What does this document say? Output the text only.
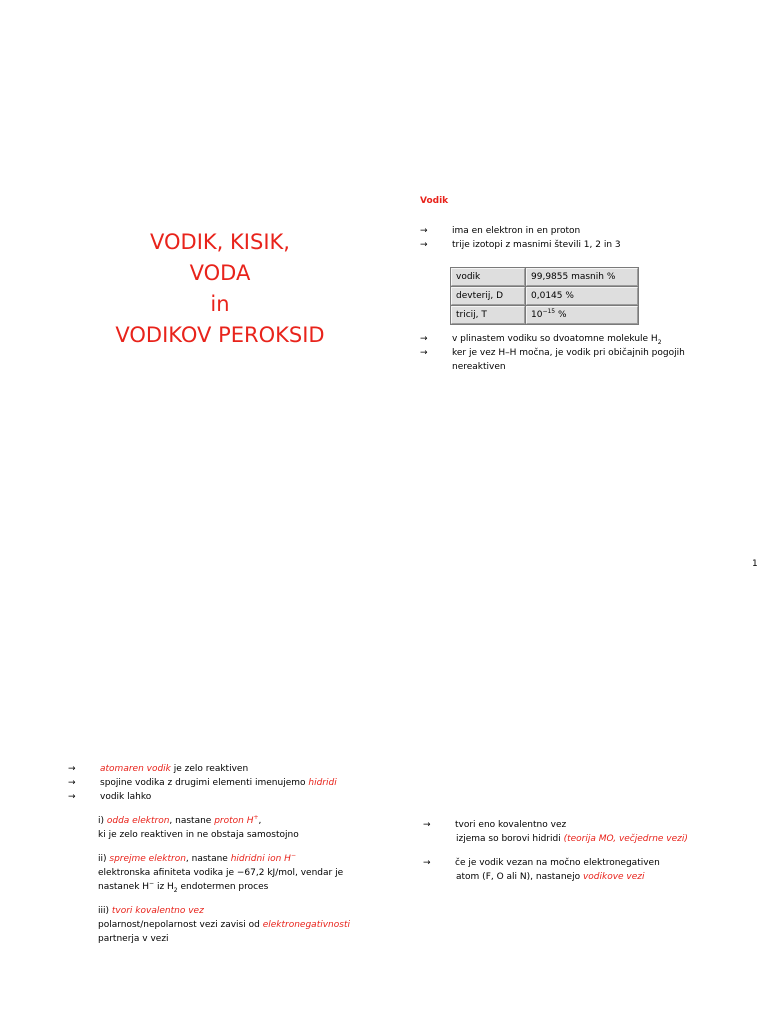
VODIK, KISIK,
VODA
in
VODIKOV PEROKSID
Vodik
→	ima en elektron in en proton
→	trije izotopi z masnimi števili 1, 2 in 3
vodik	99,9855 masnih %
devterij, D	0,0145 %
tricij, T	$10^{-15}$ %
→	v plinastem vodiku so dvoatomne molekule $H_2$
→	ker je vez H–H močna, je vodik pri običajnih pogojih
nereaktiven
1
→	atomaren vodik je zelo reaktiven
→	spojine vodika z drugimi elementi imenujemo hidridi
→	vodik lahko
i) odda elektron, nastane proton H+,
ki je zelo reaktiven in ne obstaja samostojno
ii) sprejme elektron, nastane hidridni ion H−
elektronska afiniteta vodika je −67,2 kJ/mol, vendar je
nastanek H− iz $H_2$ endotermen proces
iii) tvori kovalentno vez
polarnost/nepolarnost vezi zavisi od elektronegativnosti
partnerja v vezi
→	tvori eno kovalentno vez
izjema so borovi hidridi (teorija MO, večjedrne vezi)
→	če je vodik vezan na močno elektronegativen
atom (F, O ali N), nastanejo vodikove vezi
